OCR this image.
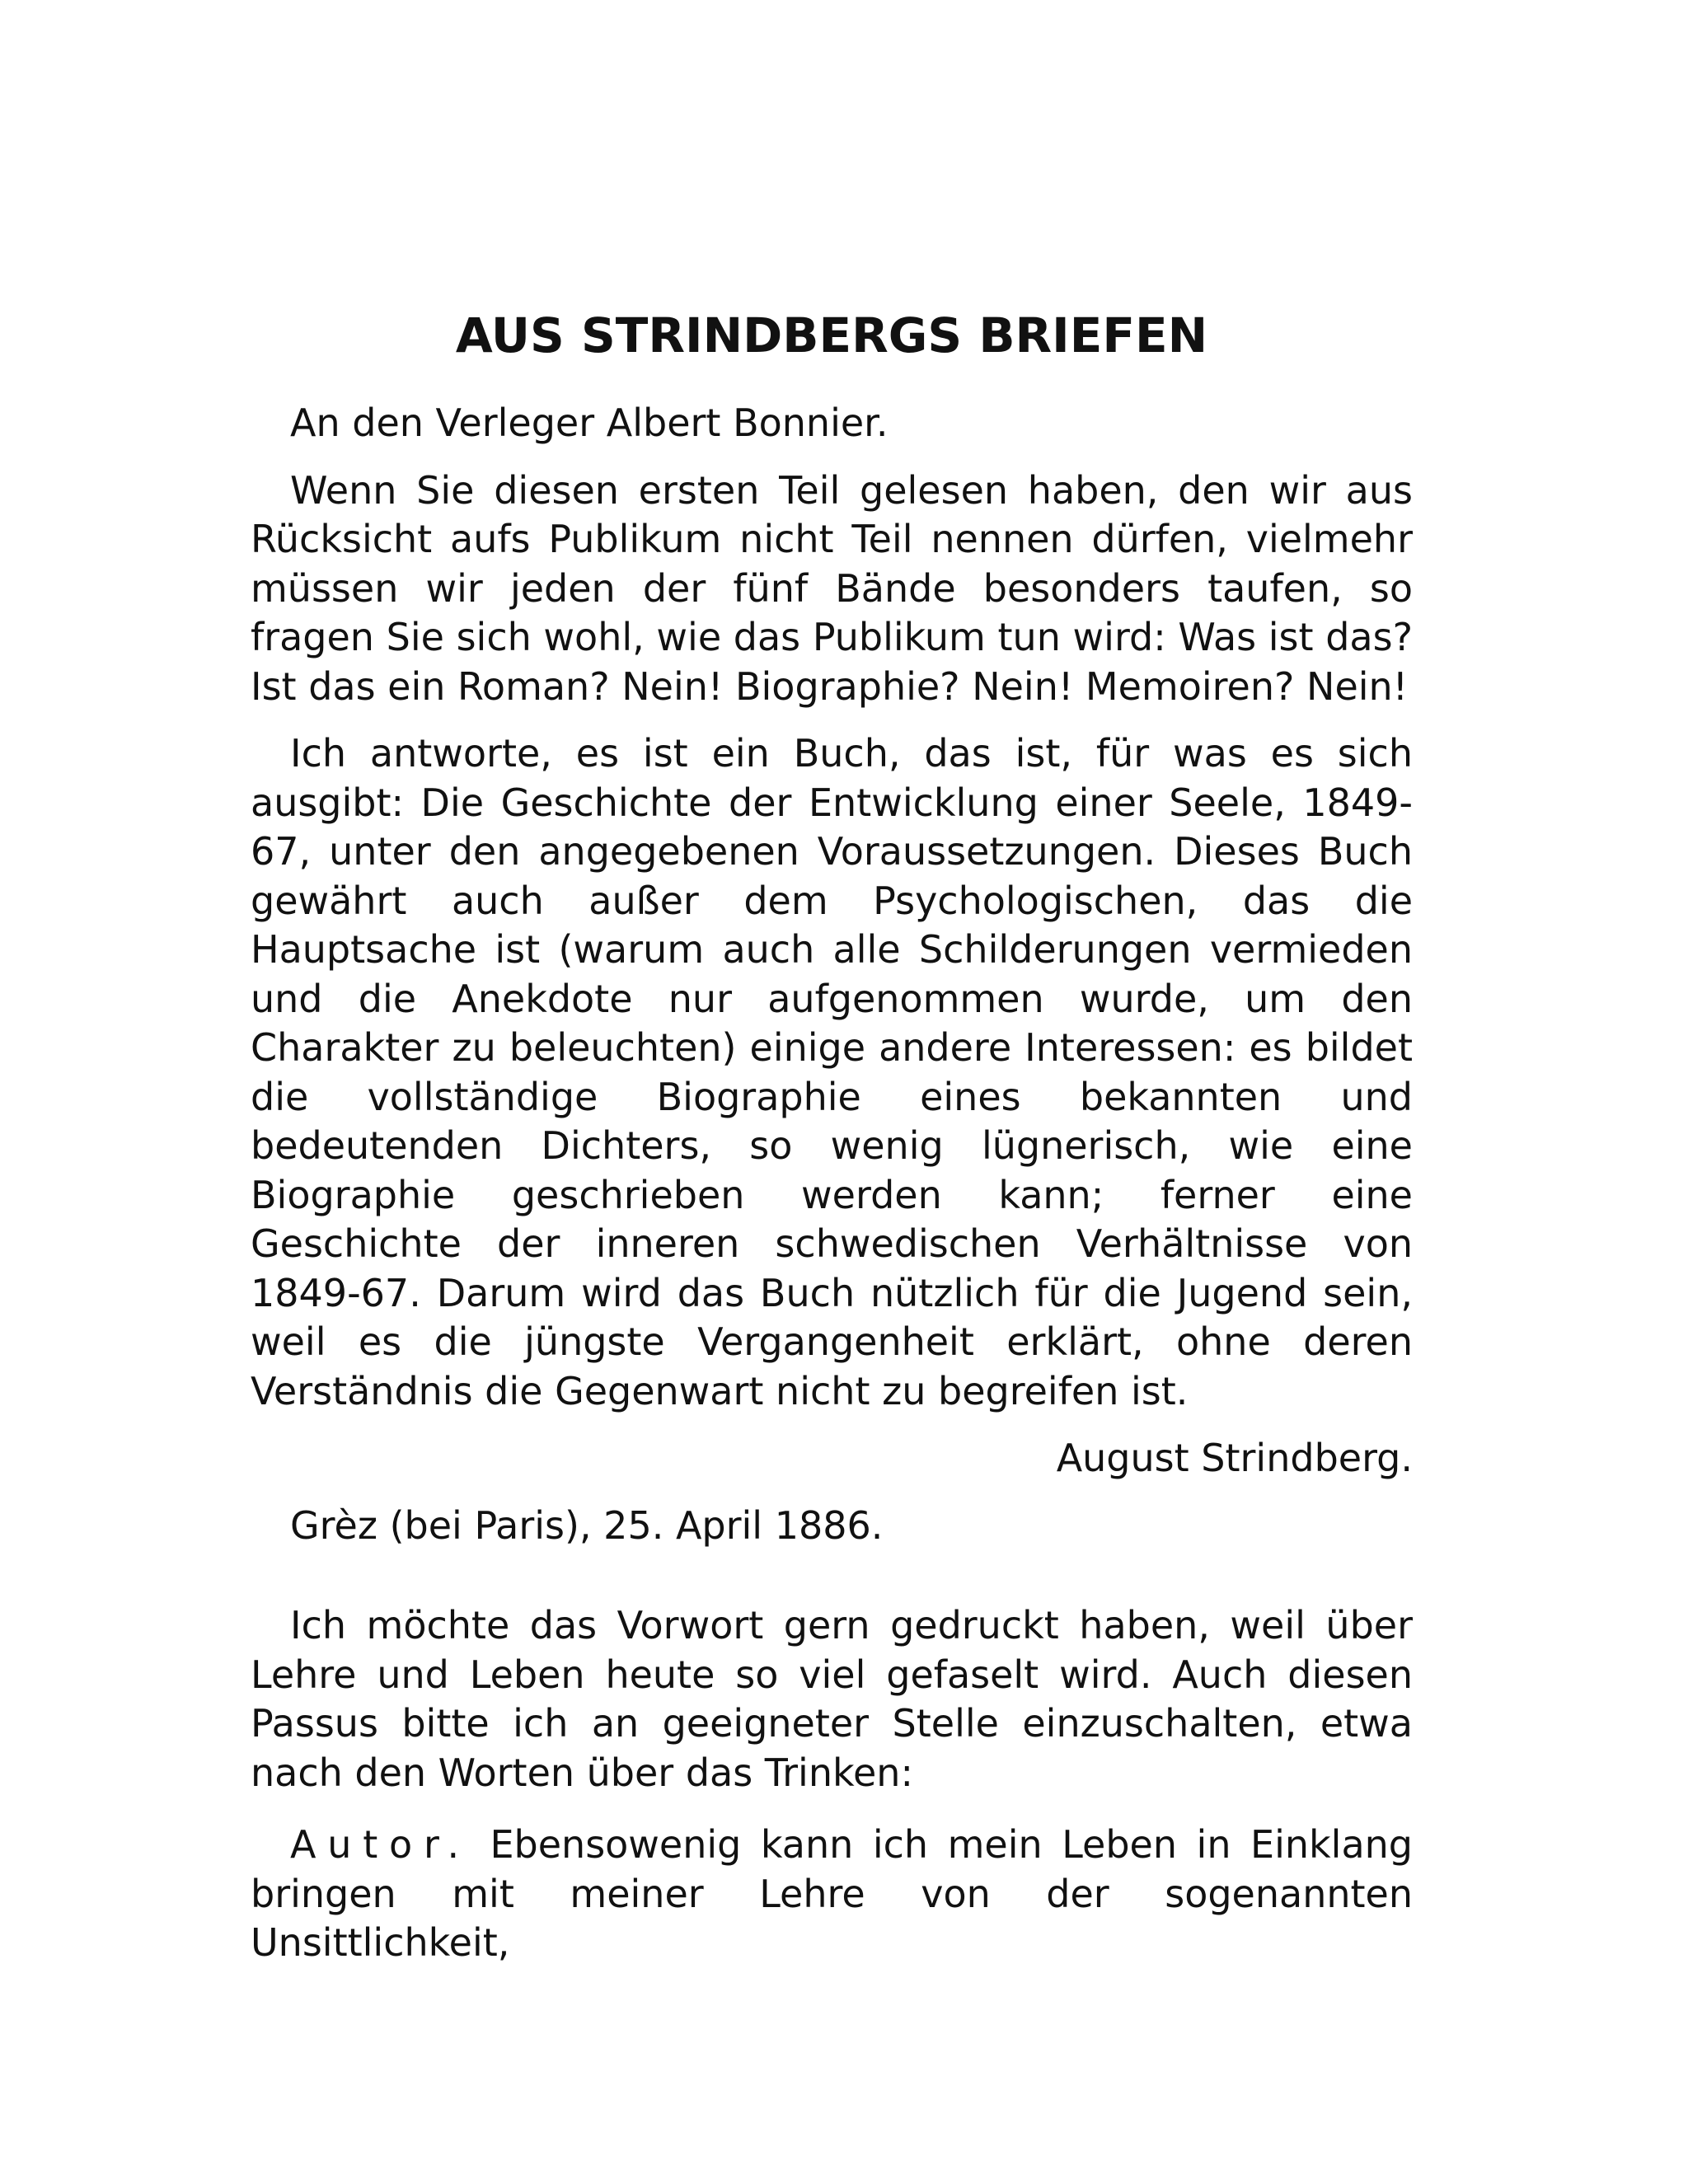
AUS STRINDBERGS BRIEFEN

An den Verleger Albert Bonnier.

Wenn Sie diesen ersten Teil gelesen haben, den wir aus Rücksicht aufs Publikum nicht Teil nennen dürfen, vielmehr müssen wir jeden der fünf Bände besonders taufen, so fragen Sie sich wohl, wie das Publikum tun wird: Was ist das? Ist das ein Roman? Nein! Biographie? Nein! Memoiren? Nein!

Ich antworte, es ist ein Buch, das ist, für was es sich ausgibt: Die Geschichte der Entwicklung einer Seele, 1849-67, unter den angegebenen Voraussetzungen. Dieses Buch gewährt auch außer dem Psychologischen, das die Hauptsache ist (warum auch alle Schilderungen vermieden und die Anekdote nur aufgenommen wurde, um den Charakter zu beleuchten) einige andere Interessen: es bildet die vollständige Biographie eines bekannten und bedeutenden Dichters, so wenig lügnerisch, wie eine Biographie geschrieben werden kann; ferner eine Geschichte der inneren schwedischen Verhältnisse von 1849-67. Darum wird das Buch nützlich für die Jugend sein, weil es die jüngste Vergangenheit erklärt, ohne deren Verständnis die Gegenwart nicht zu begreifen ist.

August Strindberg.

Grèz (bei Paris), 25. April 1886.

Ich möchte das Vorwort gern gedruckt haben, weil über Lehre und Leben heute so viel gefaselt wird. Auch diesen Passus bitte ich an geeigneter Stelle einzuschalten, etwa nach den Worten über das Trinken:

Autor. Ebensowenig kann ich mein Leben in Einklang bringen mit meiner Lehre von der sogenannten Unsittlichkeit,
